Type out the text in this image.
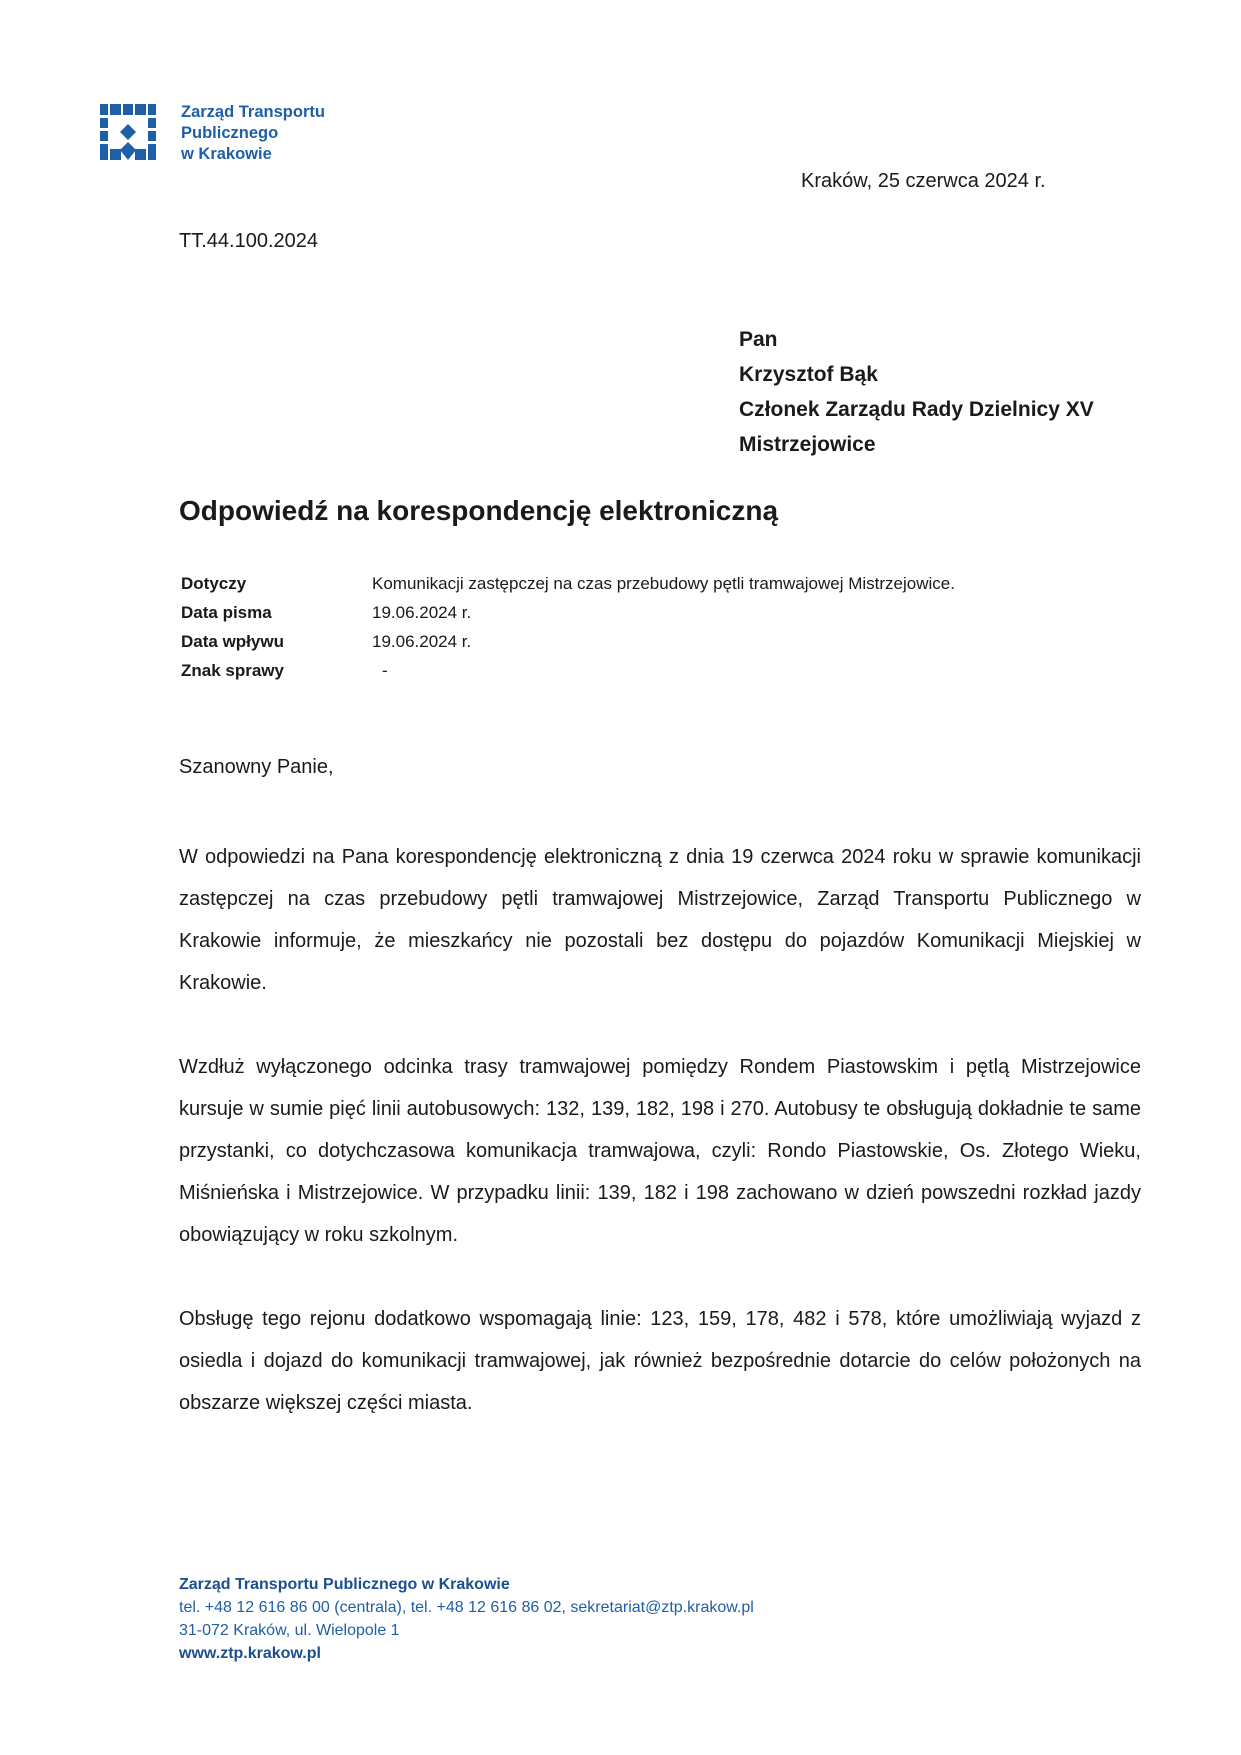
Zarząd Transportu
Publicznego
w Krakowie
Kraków, 25 czerwca 2024 r.
TT.44.100.2024
Pan
Krzysztof Bąk
Członek Zarządu Rady Dzielnicy XV
Mistrzejowice
Odpowiedź na korespondencję elektroniczną
Dotyczy	Komunikacji zastępczej na czas przebudowy pętli tramwajowej Mistrzejowice.
Data pisma	19.06.2024 r.
Data wpływu	19.06.2024 r.
Znak sprawy	-
Szanowny Panie,

W odpowiedzi na Pana korespondencję elektroniczną z dnia 19 czerwca 2024 roku w sprawie komunikacji zastępczej na czas przebudowy pętli tramwajowej Mistrzejowice, Zarząd Transportu Publicznego w Krakowie informuje, że mieszkańcy nie pozostali bez dostępu do pojazdów Komunikacji Miejskiej w Krakowie.

Wzdłuż wyłączonego odcinka trasy tramwajowej pomiędzy Rondem Piastowskim i pętlą Mistrzejowice kursuje w sumie pięć linii autobusowych: 132, 139, 182, 198 i 270. Autobusy te obsługują dokładnie te same przystanki, co dotychczasowa komunikacja tramwajowa, czyli: Rondo Piastowskie, Os. Złotego Wieku, Miśnieńska i Mistrzejowice. W przypadku linii: 139, 182 i 198 zachowano w dzień powszedni rozkład jazdy obowiązujący w roku szkolnym.

Obsługę tego rejonu dodatkowo wspomagają linie: 123, 159, 178, 482 i 578, które umożliwiają wyjazd z osiedla i dojazd do komunikacji tramwajowej, jak również bezpośrednie dotarcie do celów położonych na obszarze większej części miasta.

Zarząd Transportu Publicznego w Krakowie
tel. +48 12 616 86 00 (centrala), tel. +48 12 616 86 02, sekretariat@ztp.krakow.pl
31-072 Kraków, ul. Wielopole 1
www.ztp.krakow.pl
